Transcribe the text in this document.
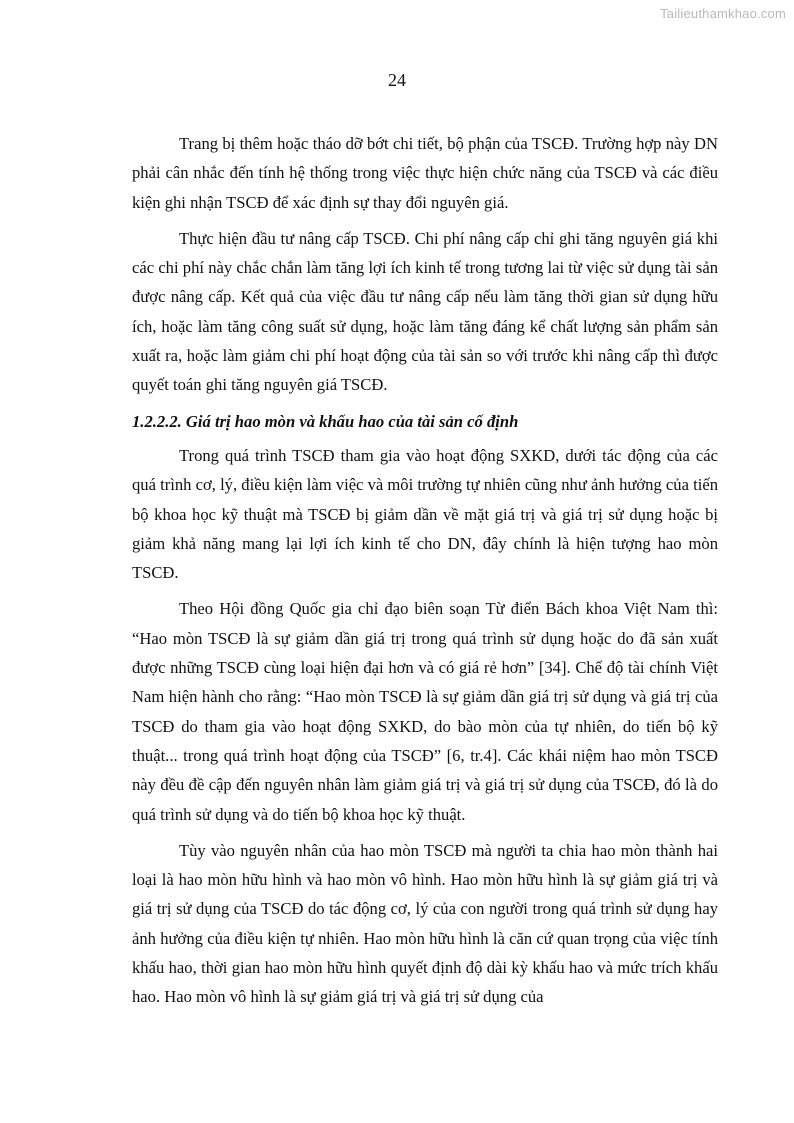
Tailieuthamkhao.com
24

Trang bị thêm hoặc tháo dỡ bớt chi tiết, bộ phận của TSCĐ. Trường hợp này DN phải cân nhắc đến tính hệ thống trong việc thực hiện chức năng của TSCĐ và các điều kiện ghi nhận TSCĐ để xác định sự thay đổi nguyên giá.

Thực hiện đầu tư nâng cấp TSCĐ. Chi phí nâng cấp chỉ ghi tăng nguyên giá khi các chi phí này chắc chắn làm tăng lợi ích kinh tế trong tương lai từ việc sử dụng tài sản được nâng cấp. Kết quả của việc đầu tư nâng cấp nếu làm tăng thời gian sử dụng hữu ích, hoặc làm tăng công suất sử dụng, hoặc làm tăng đáng kể chất lượng sản phẩm sản xuất ra, hoặc làm giảm chi phí hoạt động của tài sản so với trước khi nâng cấp thì được quyết toán ghi tăng nguyên giá TSCĐ.

1.2.2.2. Giá trị hao mòn và khấu hao của tài sản cố định

Trong quá trình TSCĐ tham gia vào hoạt động SXKD, dưới tác động của các quá trình cơ, lý, điều kiện làm việc và môi trường tự nhiên cũng như ảnh hưởng của tiến bộ khoa học kỹ thuật mà TSCĐ bị giảm dần về mặt giá trị và giá trị sử dụng hoặc bị giảm khả năng mang lại lợi ích kinh tế cho DN, đây chính là hiện tượng hao mòn TSCĐ.

Theo Hội đồng Quốc gia chỉ đạo biên soạn Từ điển Bách khoa Việt Nam thì: “Hao mòn TSCĐ là sự giảm dần giá trị trong quá trình sử dụng hoặc do đã sản xuất được những TSCĐ cùng loại hiện đại hơn và có giá rẻ hơn” [34]. Chế độ tài chính Việt Nam hiện hành cho rằng: “Hao mòn TSCĐ là sự giảm dần giá trị sử dụng và giá trị của TSCĐ do tham gia vào hoạt động SXKD, do bào mòn của tự nhiên, do tiến bộ kỹ thuật... trong quá trình hoạt động của TSCĐ” [6, tr.4]. Các khái niệm hao mòn TSCĐ này đều đề cập đến nguyên nhân làm giảm giá trị và giá trị sử dụng của TSCĐ, đó là do quá trình sử dụng và do tiến bộ khoa học kỹ thuật.

Tùy vào nguyên nhân của hao mòn TSCĐ mà người ta chia hao mòn thành hai loại là hao mòn hữu hình và hao mòn vô hình. Hao mòn hữu hình là sự giảm giá trị và giá trị sử dụng của TSCĐ do tác động cơ, lý của con người trong quá trình sử dụng hay ảnh hưởng của điều kiện tự nhiên. Hao mòn hữu hình là căn cứ quan trọng của việc tính khấu hao, thời gian hao mòn hữu hình quyết định độ dài kỳ khấu hao và mức trích khấu hao. Hao mòn vô hình là sự giảm giá trị và giá trị sử dụng của
